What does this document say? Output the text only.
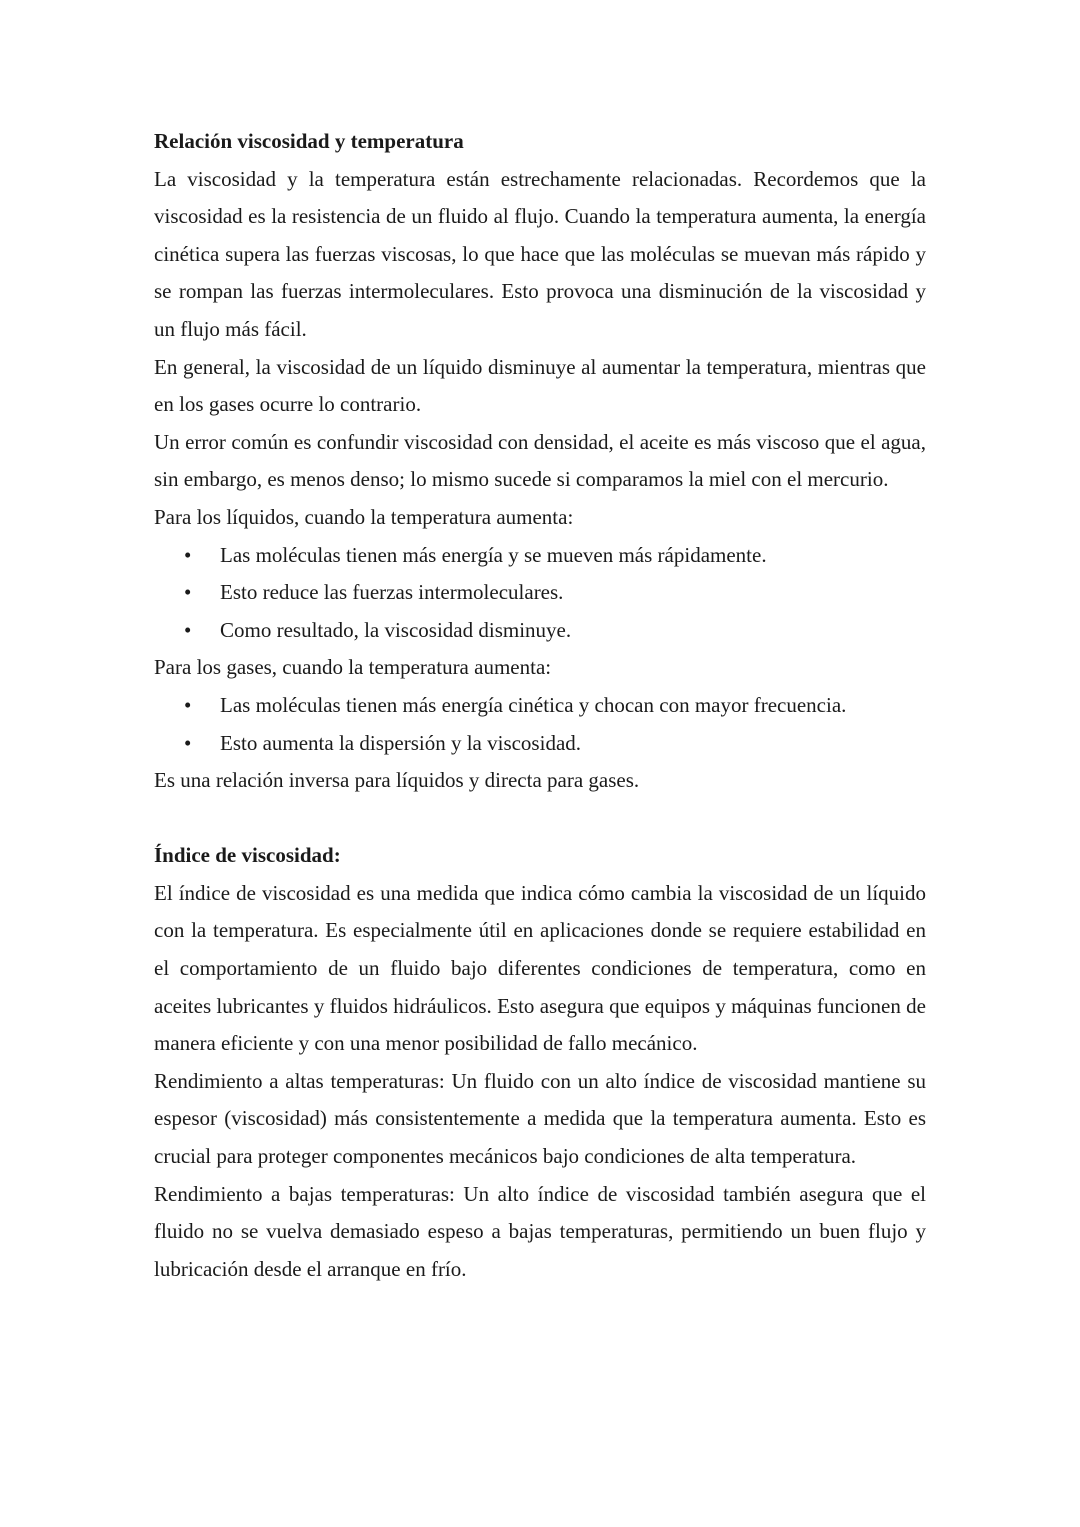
Relación viscosidad y temperatura

La viscosidad y la temperatura están estrechamente relacionadas. Recordemos que la viscosidad es la resistencia de un fluido al flujo. Cuando la temperatura aumenta, la energía cinética supera las fuerzas viscosas, lo que hace que las moléculas se muevan más rápido y se rompan las fuerzas intermoleculares. Esto provoca una disminución de la viscosidad y un flujo más fácil.

En general, la viscosidad de un líquido disminuye al aumentar la temperatura, mientras que en los gases ocurre lo contrario.

Un error común es confundir viscosidad con densidad, el aceite es más viscoso que el agua, sin embargo, es menos denso; lo mismo sucede si comparamos la miel con el mercurio.

Para los líquidos, cuando la temperatura aumenta:

• Las moléculas tienen más energía y se mueven más rápidamente.
• Esto reduce las fuerzas intermoleculares.
• Como resultado, la viscosidad disminuye.

Para los gases, cuando la temperatura aumenta:

• Las moléculas tienen más energía cinética y chocan con mayor frecuencia.
• Esto aumenta la dispersión y la viscosidad.

Es una relación inversa para líquidos y directa para gases.

Índice de viscosidad:

El índice de viscosidad es una medida que indica cómo cambia la viscosidad de un líquido con la temperatura. Es especialmente útil en aplicaciones donde se requiere estabilidad en el comportamiento de un fluido bajo diferentes condiciones de temperatura, como en aceites lubricantes y fluidos hidráulicos. Esto asegura que equipos y máquinas funcionen de manera eficiente y con una menor posibilidad de fallo mecánico.

Rendimiento a altas temperaturas: Un fluido con un alto índice de viscosidad mantiene su espesor (viscosidad) más consistentemente a medida que la temperatura aumenta. Esto es crucial para proteger componentes mecánicos bajo condiciones de alta temperatura.

Rendimiento a bajas temperaturas: Un alto índice de viscosidad también asegura que el fluido no se vuelva demasiado espeso a bajas temperaturas, permitiendo un buen flujo y lubricación desde el arranque en frío.
